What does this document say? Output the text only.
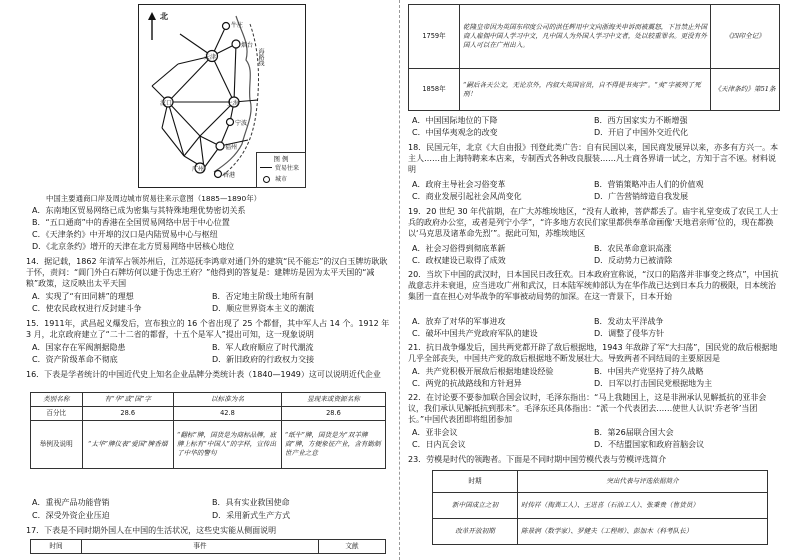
北
天津
烟台
牛庄
汉口	上海
宁波
福州
广州
香港
海路线
图 例
贸易往来
城市
中国主要通商口岸及周边城市贸易往来示意图（1885—1890年）
A．东南地区贸易网络已成为密集与其特殊地理优势密切关系
B．“五口通商”中的香港在全国贸易网络中居于中心位置
C．《天津条约》中开埠的汉口是内陆贸易中心与枢纽
D．《北京条约》增开的天津在北方贸易网络中居核心地位
14．据记载，1862 年清军占领苏州后，江苏巡抚李鸿章对通门外的建筑“民不能忘”的汉白玉牌坊耿耿于怀，责问：“阊门外白石牌坊何以建于伪忠王府？”他得到的答复是：建牌坊是因为太平天国的“减粮”政策，这反映出太平天国
A．实现了“有田同耕”的理想	B．否定地主阶级土地所有制
C．使农民政权进行反封建斗争	D．顺应世界资本主义的潮流
15．1911年，武昌起义爆发后，宣布独立的 16 个省出现了 25 个都督，其中军人占 14 个。1912 年 3 月，北京政府建立了“二十二省的都督，十五个是军人”提出可知，这一现象说明
A．国家存在军阀割据隐患	B．军人政府顺应了时代潮流
C．资产阶级革命不彻底	D．新旧政府的行政权力交接
16．下表是学者统计的中国近代史上知名企业品牌分类统计表（1840—1949）这可以说明近代企业
类别名称	有“华”或“国”字	以标准为名	显现来或资源名称
百分比	28.6	42.8	28.6
举例及说明	“太华”牌仪表“爱国”牌香烟	“翻标”牌，国货是为商标品牌，底牌上标有“中国人”的字样，宣传出了中华的警句	“纸牛”牌，国货是为“双羊牌商”牌，方便象征产业，含有勤制世产业之意
A．重视产品功能营销	B．具有实业救国使命
C．深受外资企业压迫	D．采用新式生产方式
17．下表是不同时期外国人在中国的生活状况，这些史实能从侧面说明
时间	事件	文献
1759年	乾隆皇帝因为英国东印度公司的洪任辉用中文向浙海关申诉而被震怒，下旨禁止外国商人雇佣中国人学习中文，凡中国人为外国人学习中文者，处以较重罪名。更没有外国人可以在广州出入。	《四印全记》
1858年	“嗣后各天公文，无论京外，内叙大英国官员，自不得提书夷字”。“夷”字被列了死刑！	《天津条约》第51条
A．中国国际地位的下降	B．西方国家实力不断增强
C．中国华夷观念的改变	D．开启了中国外交近代化
18．民国元年，北京《大自由报》刊登此类广告：自有民国以来，国民商发展异以来，亦多有方兴一。本主人……由上海特聘来本店来，专制西式各种改良服装……凡士商各界请一试之，方知于言不诬。材料说明
A．政府主导社会习俗变革	B．营销策略冲击人们的价值观
C．商业发展引起社会风尚变化	D．广告营销缔造自我发展
19．20 世纪 30 年代前期，在广大苏维埃地区，“没有人敢神，菩萨都丢了。庙宇礼堂变成了农民工人士兵的政府办公室，或者是列宁小学”，“许多地方农民们家里都供奉革命画像‘天地君亲师’位的，现在都换以‘马克思及诸革命先烈’”。据此可知，苏维埃地区
A．社会习俗得到彻底革新	B．农民革命意识高涨
C．政权建设已取得了成效	D．反动势力已被清除
20．当坎下中国的武汉时，日本国民日改狂欢。日本政府宣称说，“汉口的陷落并非事变之终点”，中国抗战意志并未衰退，应当进攻广州和武汉，日本陆军统帅部认为在华作战已达到日本兵力的极限，日本统治集团一直在担心对华战争的军事被动局势的加深。在这一背景下，日本开始
A．放弃了对华的军事进攻	B．发动太平洋战争
C．破坏中国共产党政府军队的建设	D．调整了侵华方针
21．抗日战争爆发后，国共两党都开辟了敌后根据地，1943 年敌辟了军“大扫荡”，国民党的敌后根据地几乎全部丧失，中国共产党的敌后根据地不断发展壮大。导致两者不同结局的主要原因是
A．共产党积极开展敌后根据地建设经验	B．中国共产党坚持了持久战略
C．两党的抗战路线和方针迥异	D．日军以打击国民党根据地为主
22．在讨论要不要参加联合国会议时，毛泽东指出：“马上我随国上，这是非洲承认见解抵抗的亚非会议，我们承认见解抵抗到那未”。毛泽东还具体指出：“派一个代表团去……使世人认识‘乔老爷’当团长。”中国代表团即将组团参加
A．亚非会议	B．第26届联合国大会
C．日内瓦会议	D．不结盟国家和政府首脑会议
23．劳模是时代的领跑者。下面是不同时期中国劳模代表与劳模评选简介
时期	突出代表与评选依据简介
新中国成立之初	时传祥（掏粪工人）、王进喜（石油工人）、张秉贵（售货员）
改革开放初期	陈景润（数学家）、罗健夫（工程师）、彭加木（科考队长）
